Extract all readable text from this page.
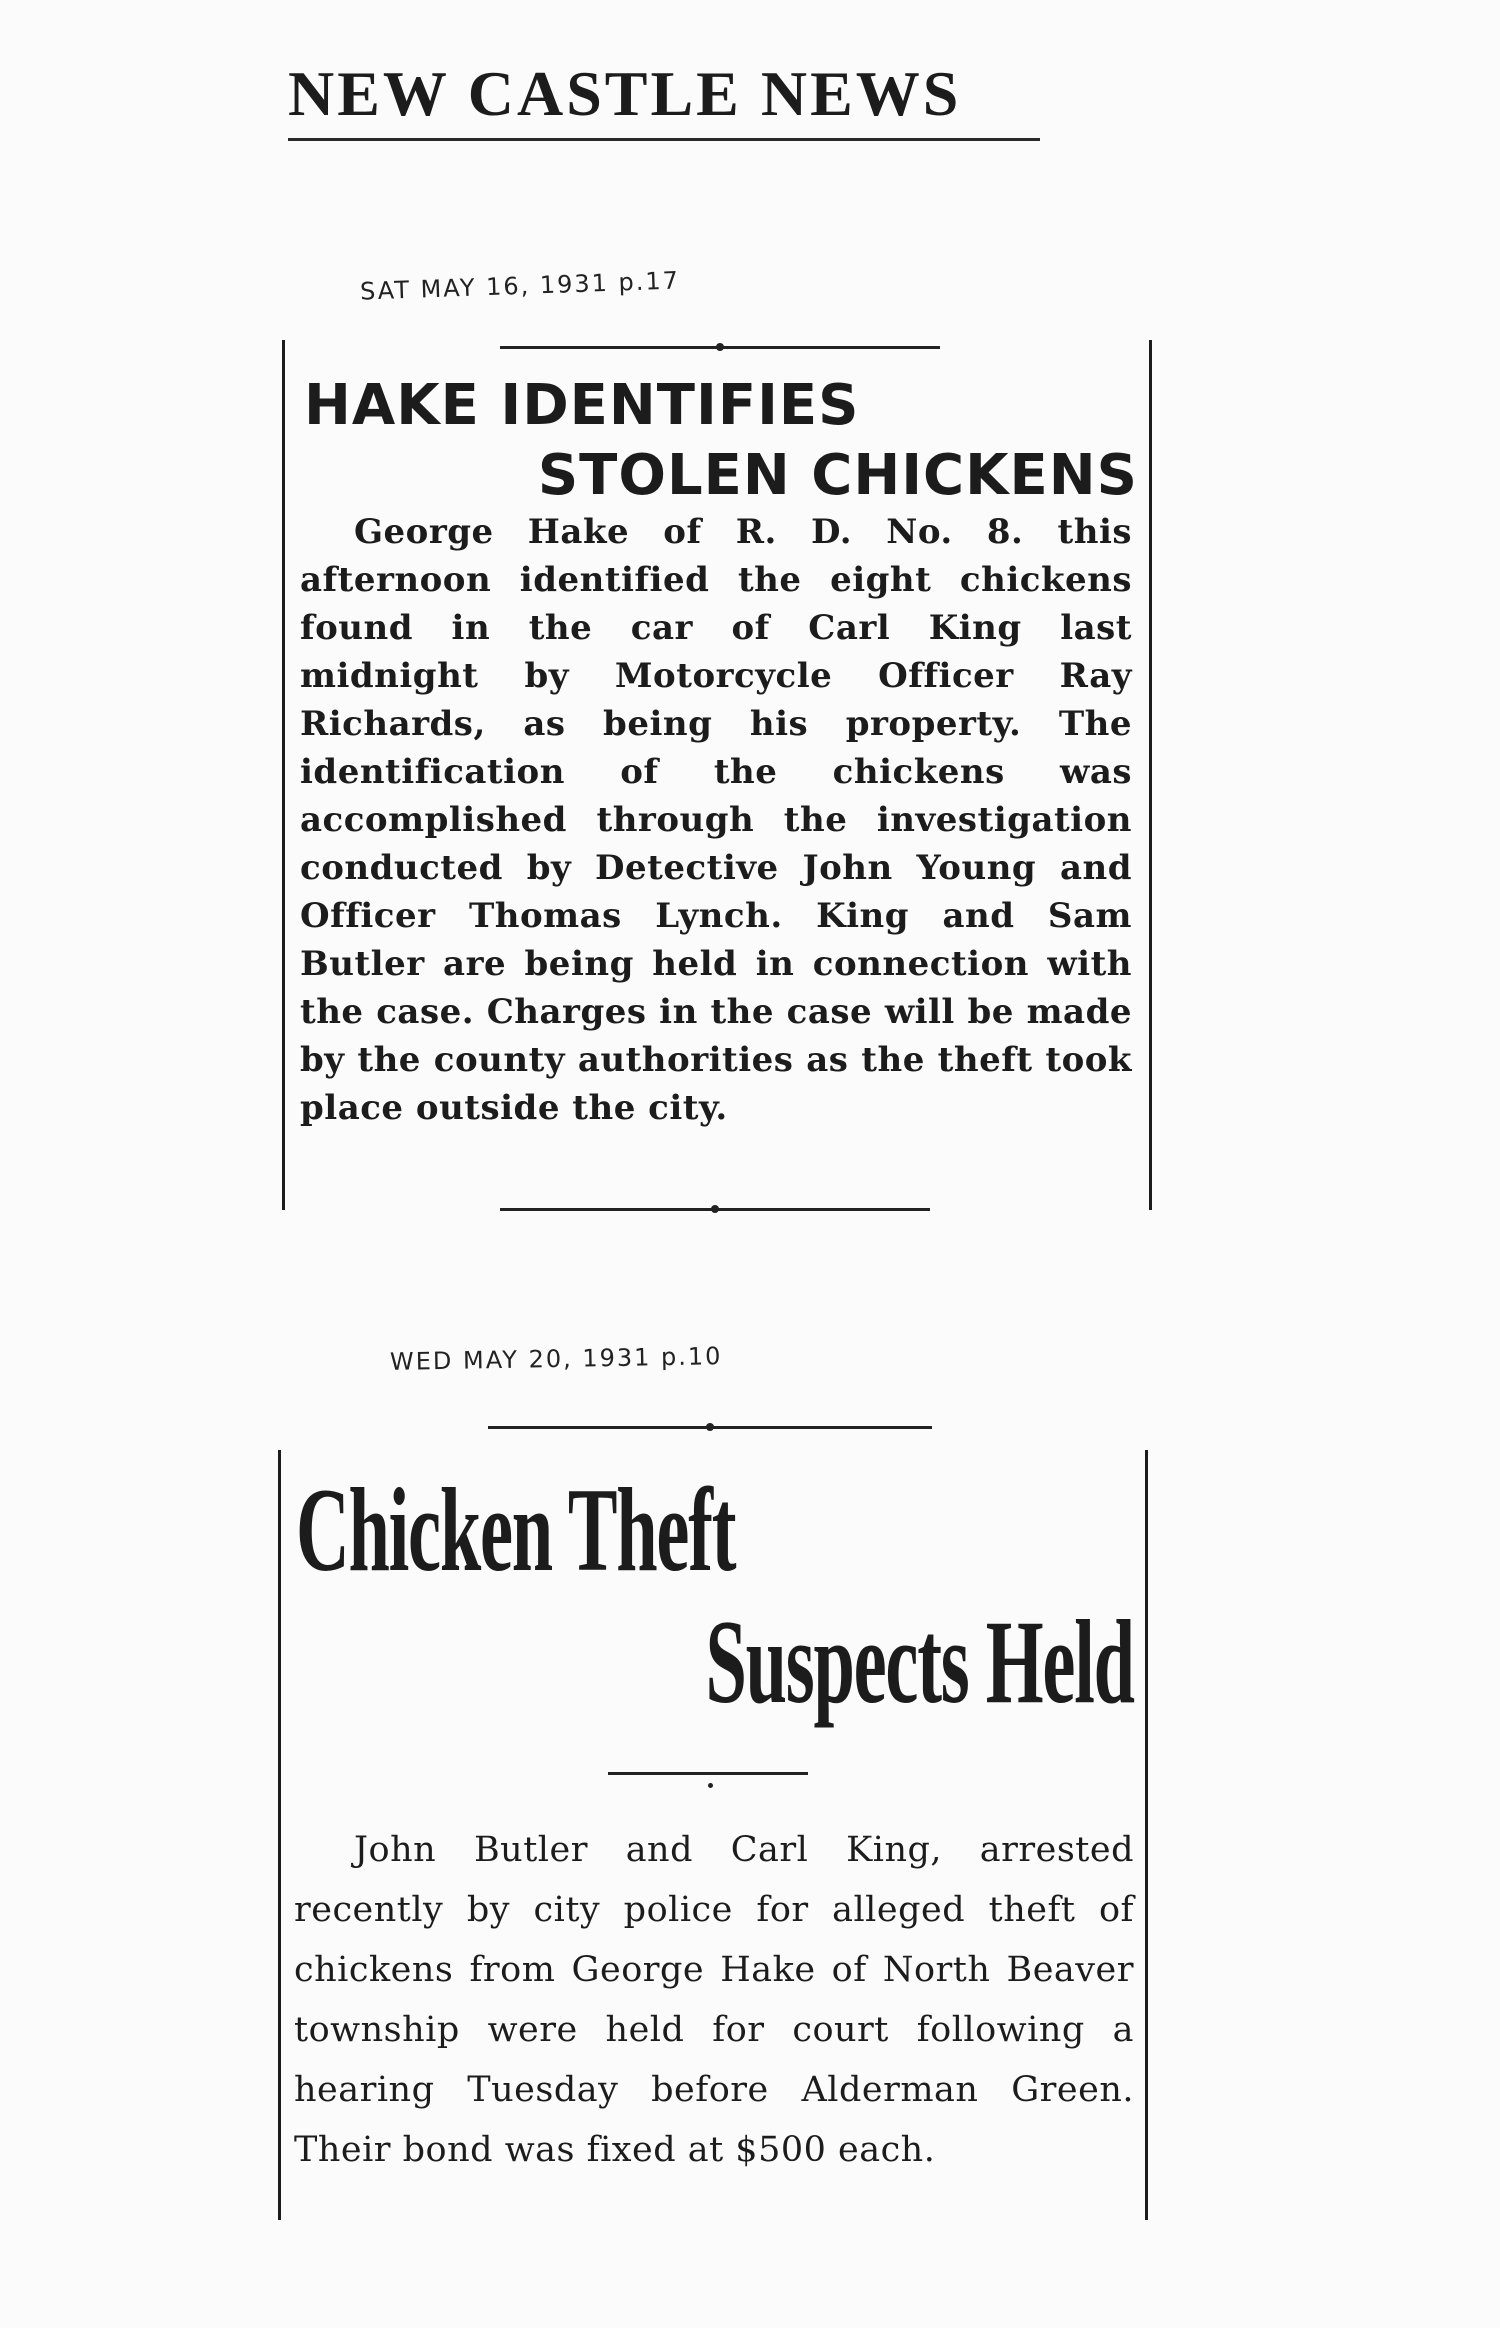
NEW CASTLE NEWS
SAT MAY 16, 1931 p.17
HAKE IDENTIFIES
STOLEN CHICKENS
George Hake of R. D. No. 8. this afternoon identified the eight chickens found in the car of Carl King last midnight by Motorcycle Officer Ray Richards, as being his property. The identification of the chickens was accomplished through the investigation conducted by Detective John Young and Officer Thomas Lynch. King and Sam Butler are being held in connection with the case. Charges in the case will be made by the county authorities as the theft took place outside the city.
WED MAY 20, 1931 p.10
Chicken Theft
Suspects Held
John Butler and Carl King, arrested recently by city police for alleged theft of chickens from George Hake of North Beaver township were held for court following a hearing Tuesday before Alderman Green. Their bond was fixed at $500 each.
